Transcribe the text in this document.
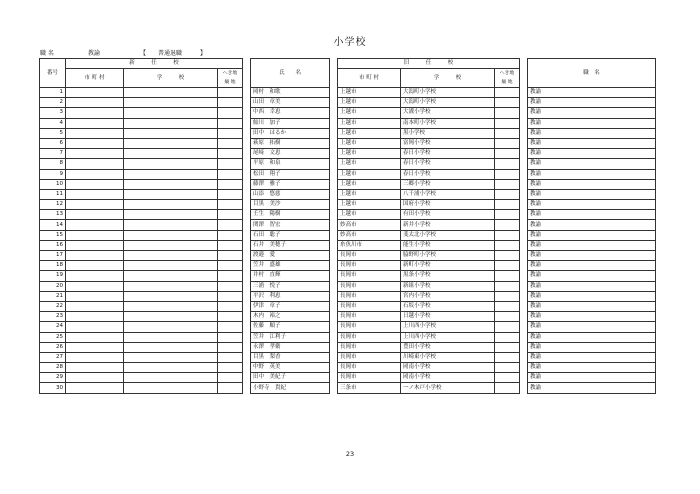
小学校
職 名	教諭	【 普通退職	】
番号	新　　　任　　　校				氏　　名		旧　　　任　　　校				職　名
	市 町 村	学　　　校	へき地
級 地				市 町 村	学　　　校	へき地
級 地		
1					岡村　和歌		上越市	大潟町小学校			教諭
2					山田　章美		上越市	大潟町小学校			教諭
3					中西　幸恵		上越市	大瀁小学校			教諭
4					鮎川　加子		上越市	南本町小学校			教諭
5					田中　はるか		上越市	黒小学校			教諭
6					萩原　拓樹		上越市	富岡小学校			教諭
7					尾﨑　文恵		上越市	春日小学校			教諭
8					平原　和泉		上越市	春日小学校			教諭
9					松田　翔子		上越市	春日小学校			教諭
10					藤澤　雅子		上越市	三郷小学校			教諭
11					山添　悠慈		上越市	八千浦小学校			教諭
12					目黒　美沙		上越市	国府小学校			教諭
13					壬生　陽樹		上越市	有田小学校			教諭
14					関澤　智宏		妙高市	新井小学校			教諭
15					石田　聡子		妙高市	斐太北小学校			教諭
16					石井　美穂子		糸魚川市	能生小学校			教諭
17					渡邉　愛		長岡市	脇野町小学校			教諭
18					笠井　盛雄		長岡市	新町小学校			教諭
19					井村　直輝		長岡市	黒条小学校			教諭
20					三浦　悦子		長岡市	新組小学校			教諭
21					平沢　利恵		長岡市	宮内小学校			教諭
22					伊津　章子		長岡市	石坂小学校			教諭
23					木内　裕之		長岡市	日越小学校			教諭
24					佐藤　順子		長岡市	上川西小学校			教諭
25					笠井　江利子		長岡市	上川西小学校			教諭
26					永澤　孝衛		長岡市	豊田小学校			教諭
27					目黒　梨香		長岡市	川崎東小学校			教諭
28					中野　英美		長岡市	岡南小学校			教諭
29					田中　美紀子		長岡市	岡南小学校			教諭
30					小野寺　貴紀		三条市	一ノ木戸小学校			教諭
23
